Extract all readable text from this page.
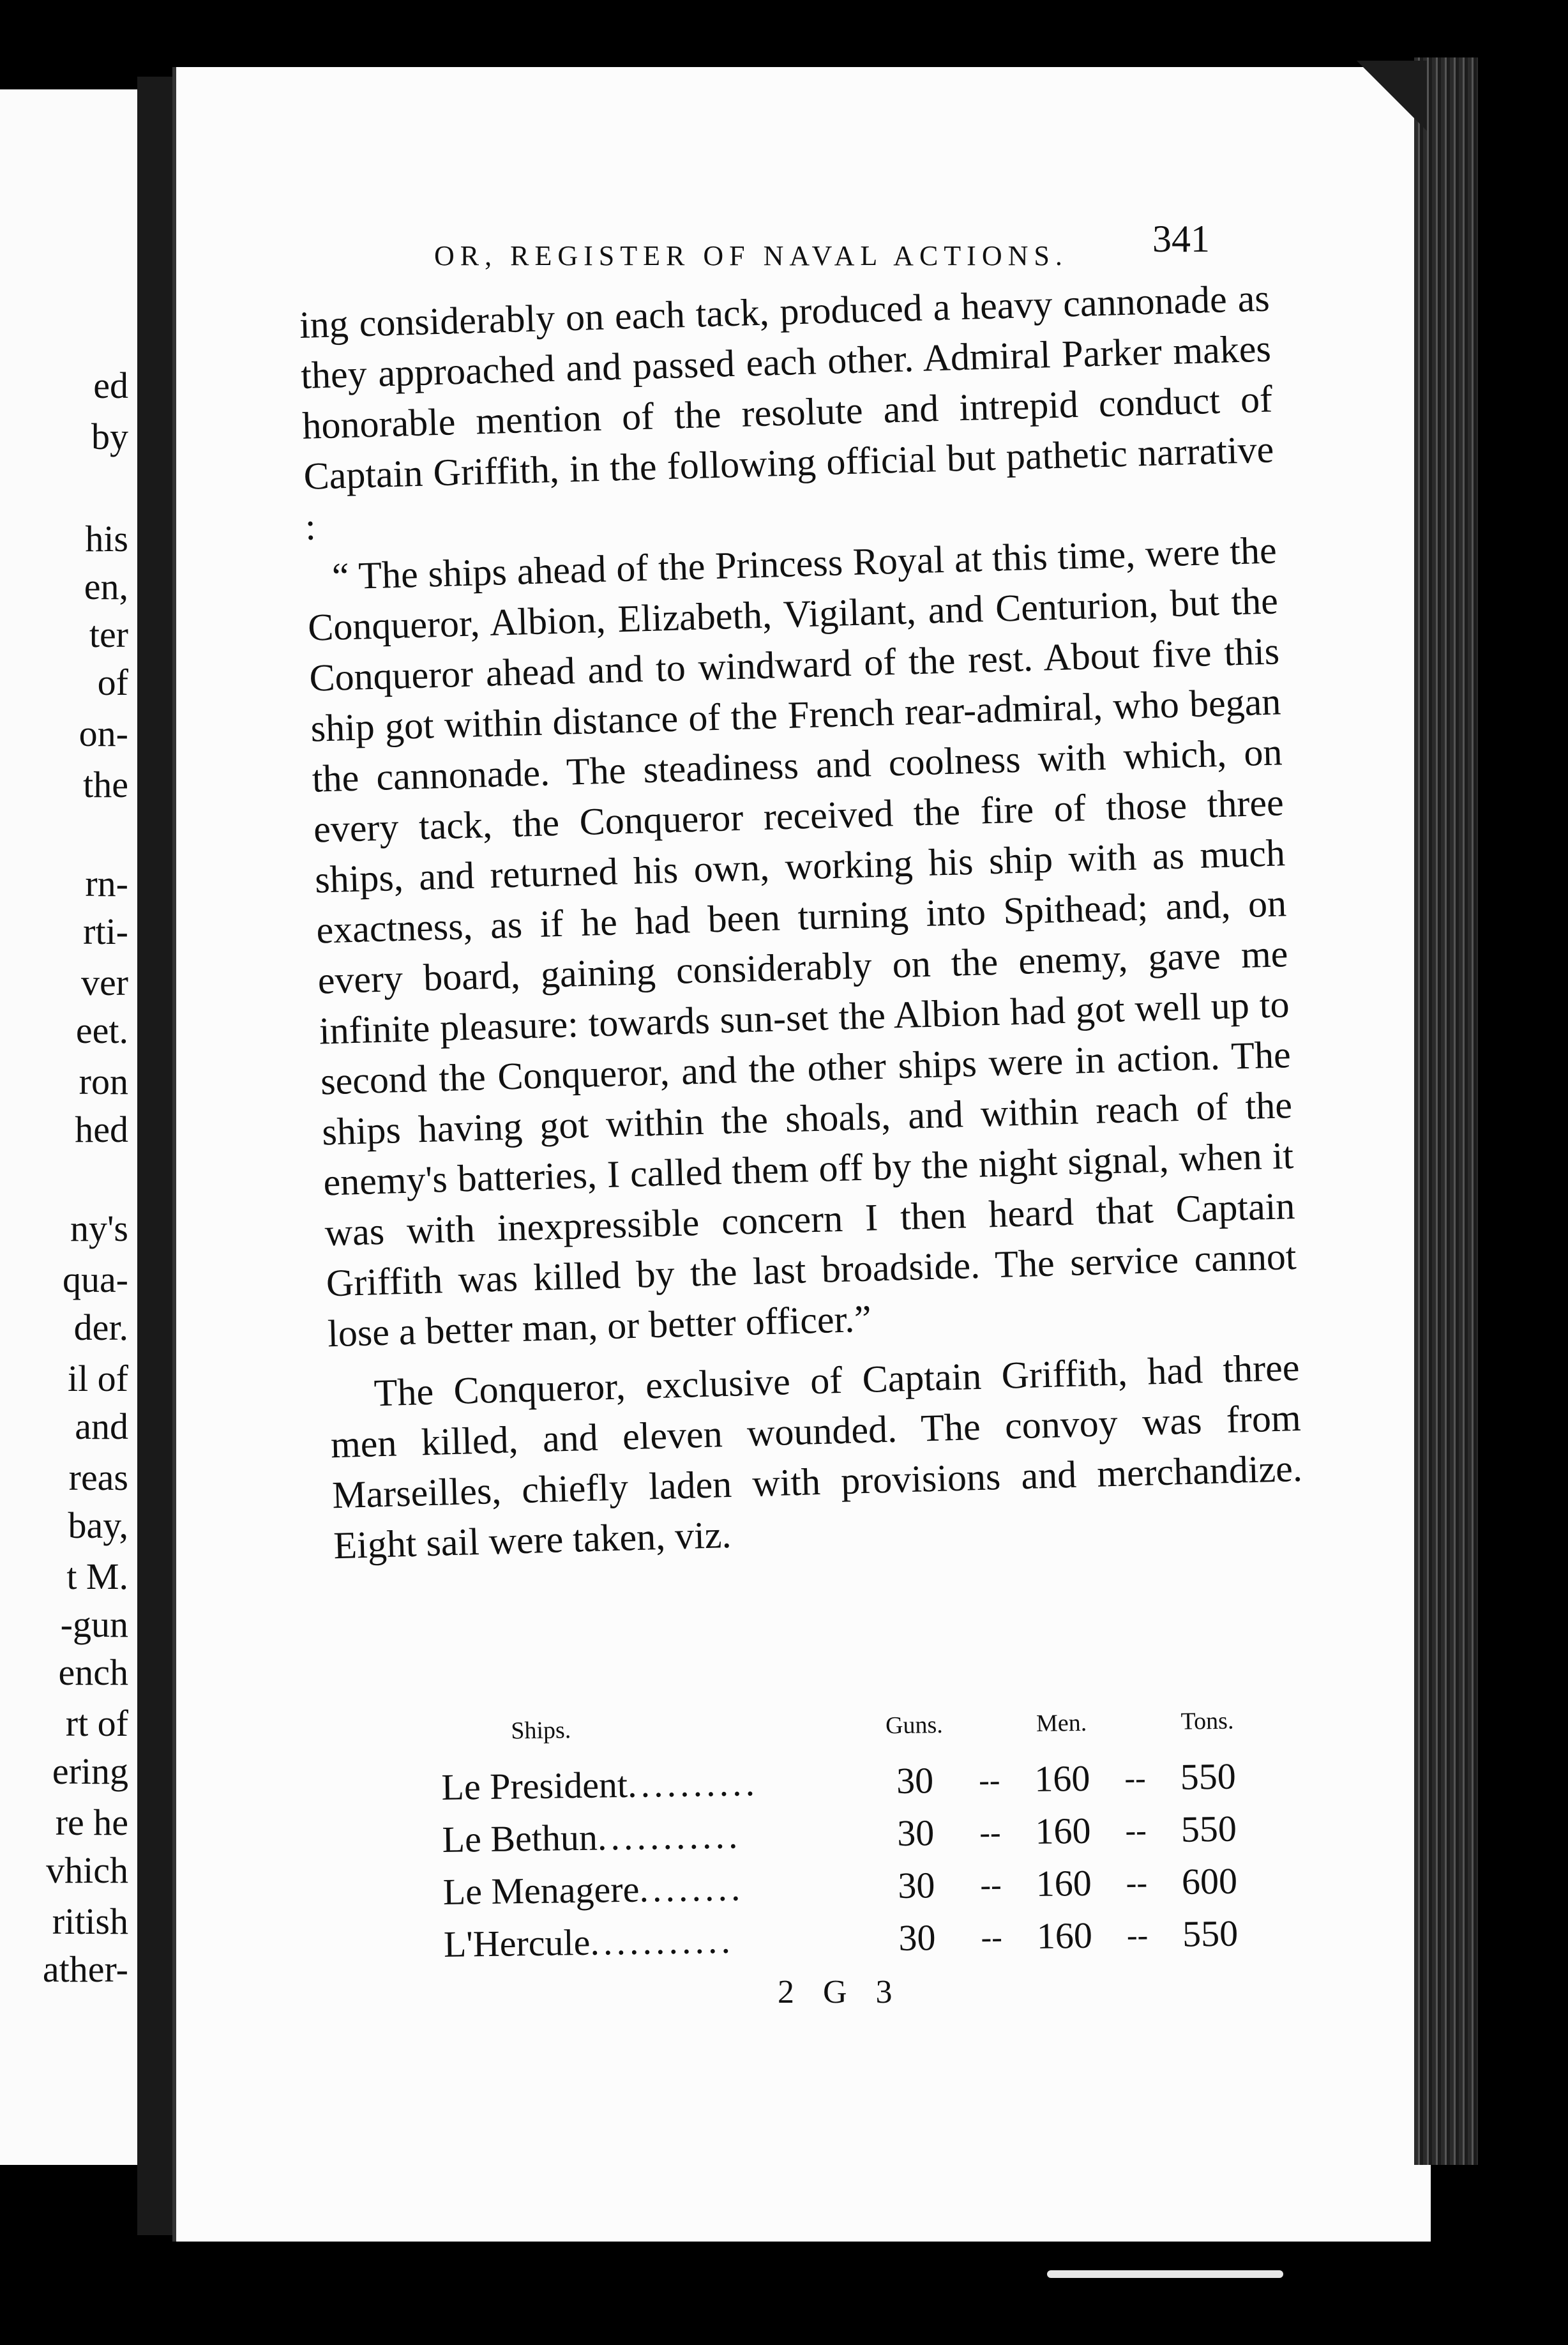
ed
by
his
en,
ter
of
on-
the
rn-
rti-
ver
eet.
ron
hed
ny's
qua-
der.
il of
and
reas
bay,
t M.
-gun
ench
rt of
ering
re he
vhich
ritish
ather-
OR, REGISTER OF NAVAL ACTIONS. 341

ing considerably on each tack, produced a heavy cannonade as they approached and passed each other. Admiral Parker makes honorable mention of the resolute and intrepid conduct of Captain Griffith, in the following official but pathetic narrative :

“ The ships ahead of the Princess Royal at this time, were the Conqueror, Albion, Elizabeth, Vigilant, and Centurion, but the Conqueror ahead and to windward of the rest. About five this ship got within distance of the French rear-admiral, who began the cannonade. The steadiness and coolness with which, on every tack, the Conqueror received the fire of those three ships, and returned his own, working his ship with as much exactness, as if he had been turning into Spithead; and, on every board, gaining considerably on the enemy, gave me infinite pleasure: towards sun-set the Albion had got well up to second the Conqueror, and the other ships were in action. The ships having got within the shoals, and within reach of the enemy's batteries, I called them off by the night signal, when it was with inexpressible concern I then heard that Captain Griffith was killed by the last broadside. The service cannot lose a better man, or better officer.”

The Conqueror, exclusive of Captain Griffith, had three men killed, and eleven wounded. The convoy was from Marseilles, chiefly laden with provisions and merchandize. Eight sail were taken, viz.

Ships.	Guns.		Men.		Tons.
Le President..........	30	--	160	--	550
Le Bethun...........	30	--	160	--	550
Le Menagere........	30	--	160	--	600
L'Hercule...........	30	--	160	--	550
2 G 3
